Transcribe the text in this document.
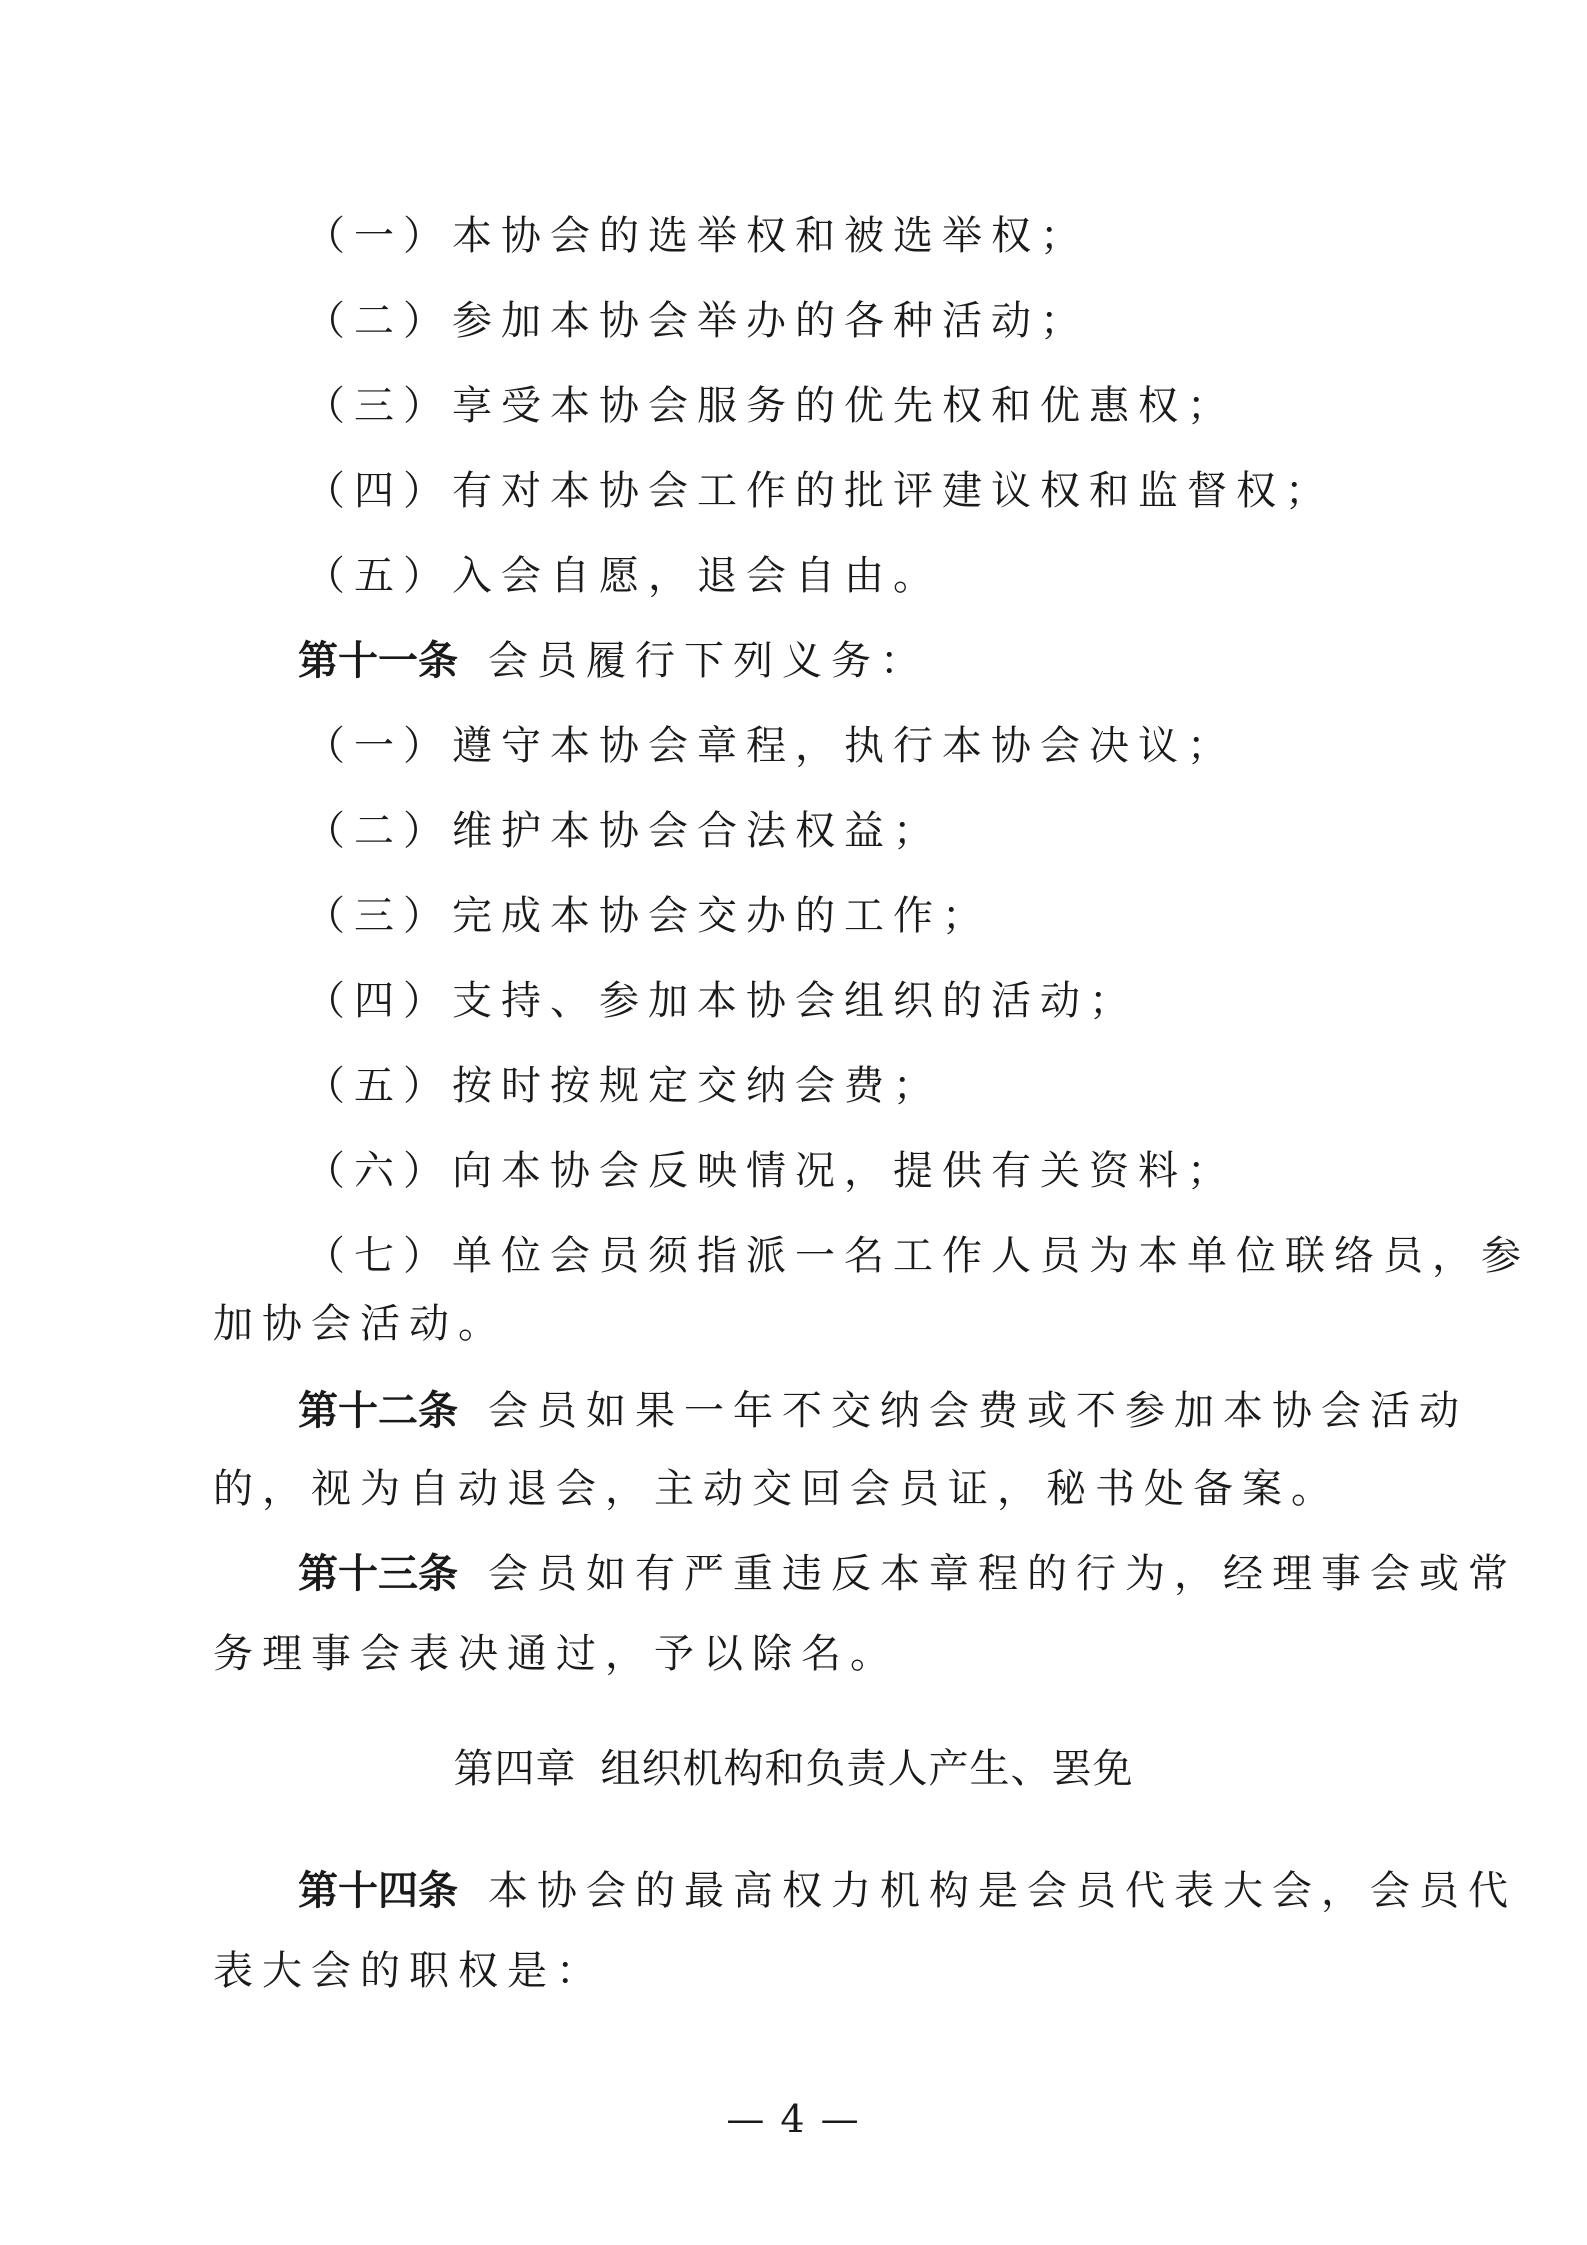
（一）本协会的选举权和被选举权；
（二）参加本协会举办的各种活动；
（三）享受本协会服务的优先权和优惠权；
（四）有对本协会工作的批评建议权和监督权；
（五）入会自愿，退会自由。
第十一条 会员履行下列义务：
（一）遵守本协会章程，执行本协会决议；
（二）维护本协会合法权益；
（三）完成本协会交办的工作；
（四）支持、参加本协会组织的活动；
（五）按时按规定交纳会费；
（六）向本协会反映情况，提供有关资料；
（七）单位会员须指派一名工作人员为本单位联络员，参
加协会活动。
第十二条 会员如果一年不交纳会费或不参加本协会活动
的，视为自动退会，主动交回会员证，秘书处备案。
第十三条 会员如有严重违反本章程的行为，经理事会或常
务理事会表决通过，予以除名。
第四章 组织机构和负责人产生、罢免
第十四条 本协会的最高权力机构是会员代表大会，会员代
表大会的职权是：
— 4 —
